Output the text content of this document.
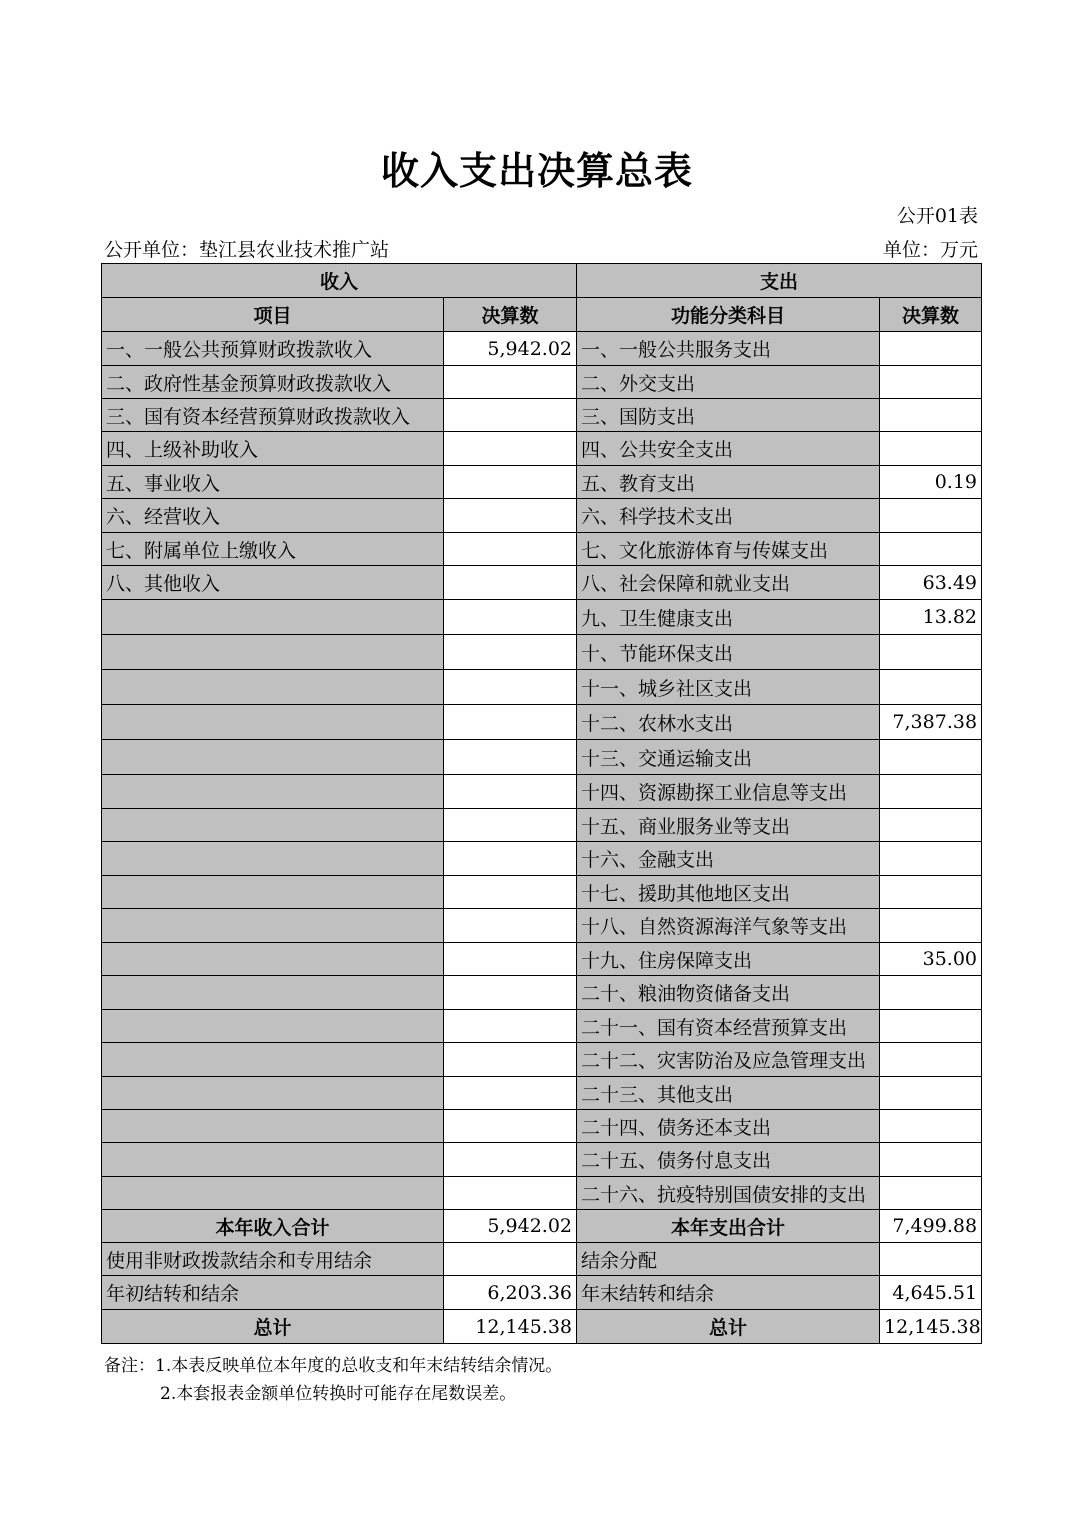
收入支出决算总表
公开01表
公开单位：垫江县农业技术推广站	单位：万元
收入		支出	
项目	决算数	功能分类科目	决算数
一、一般公共预算财政拨款收入	5,942.02	一、一般公共服务支出	
二、政府性基金预算财政拨款收入		二、外交支出	
三、国有资本经营预算财政拨款收入		三、国防支出	
四、上级补助收入		四、公共安全支出	
五、事业收入		五、教育支出	0.19
六、经营收入		六、科学技术支出	
七、附属单位上缴收入		七、文化旅游体育与传媒支出	
八、其他收入		八、社会保障和就业支出	63.49
		九、卫生健康支出	13.82
		十、节能环保支出	
		十一、城乡社区支出	
		十二、农林水支出	7,387.38
		十三、交通运输支出	
		十四、资源勘探工业信息等支出	
		十五、商业服务业等支出	
		十六、金融支出	
		十七、援助其他地区支出	
		十八、自然资源海洋气象等支出	
		十九、住房保障支出	35.00
		二十、粮油物资储备支出	
		二十一、国有资本经营预算支出	
		二十二、灾害防治及应急管理支出	
		二十三、其他支出	
		二十四、债务还本支出	
		二十五、债务付息支出	
		二十六、抗疫特别国债安排的支出	
本年收入合计	5,942.02	本年支出合计	7,499.88
使用非财政拨款结余和专用结余		结余分配	
年初结转和结余	6,203.36	年末结转和结余	4,645.51
总计	12,145.38	总计	12,145.38
备注：1.本表反映单位本年度的总收支和年末结转结余情况。
2.本套报表金额单位转换时可能存在尾数误差。
